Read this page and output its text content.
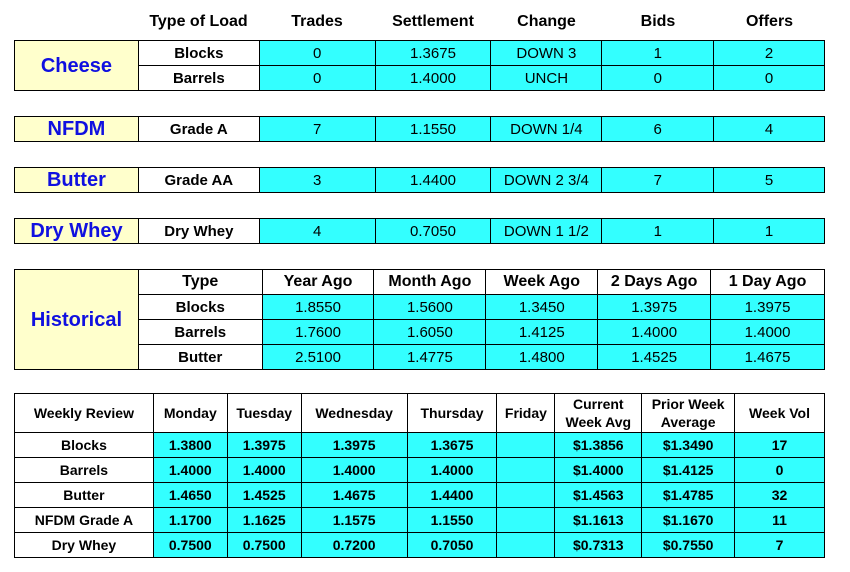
	Type of Load	Trades	Settlement	Change	Bids	Offers
Cheese	Blocks	0	1.3675	DOWN 3	1	2
	Barrels	0	1.4000	UNCH	0	0
NFDM	Grade A	7	1.1550	DOWN 1/4	6	4
Butter	Grade AA	3	1.4400	DOWN 2 3/4	7	5
Dry Whey	Dry Whey	4	0.7050	DOWN 1 1/2	1	1
Historical	Type	Year Ago	Month Ago	Week Ago	2 Days Ago	1 Day Ago
	Blocks	1.8550	1.5600	1.3450	1.3975	1.3975
	Barrels	1.7600	1.6050	1.4125	1.4000	1.4000
	Butter	2.5100	1.4775	1.4800	1.4525	1.4675
Weekly Review	Monday	Tuesday	Wednesday	Thursday	Friday	Current Week Avg	Prior Week Average	Week Vol
Blocks	1.3800	1.3975	1.3975	1.3675		$1.3856	$1.3490	17
Barrels	1.4000	1.4000	1.4000	1.4000		$1.4000	$1.4125	0
Butter	1.4650	1.4525	1.4675	1.4400		$1.4563	$1.4785	32
NFDM Grade A	1.1700	1.1625	1.1575	1.1550		$1.1613	$1.1670	11
Dry Whey	0.7500	0.7500	0.7200	0.7050		$0.7313	$0.7550	7
